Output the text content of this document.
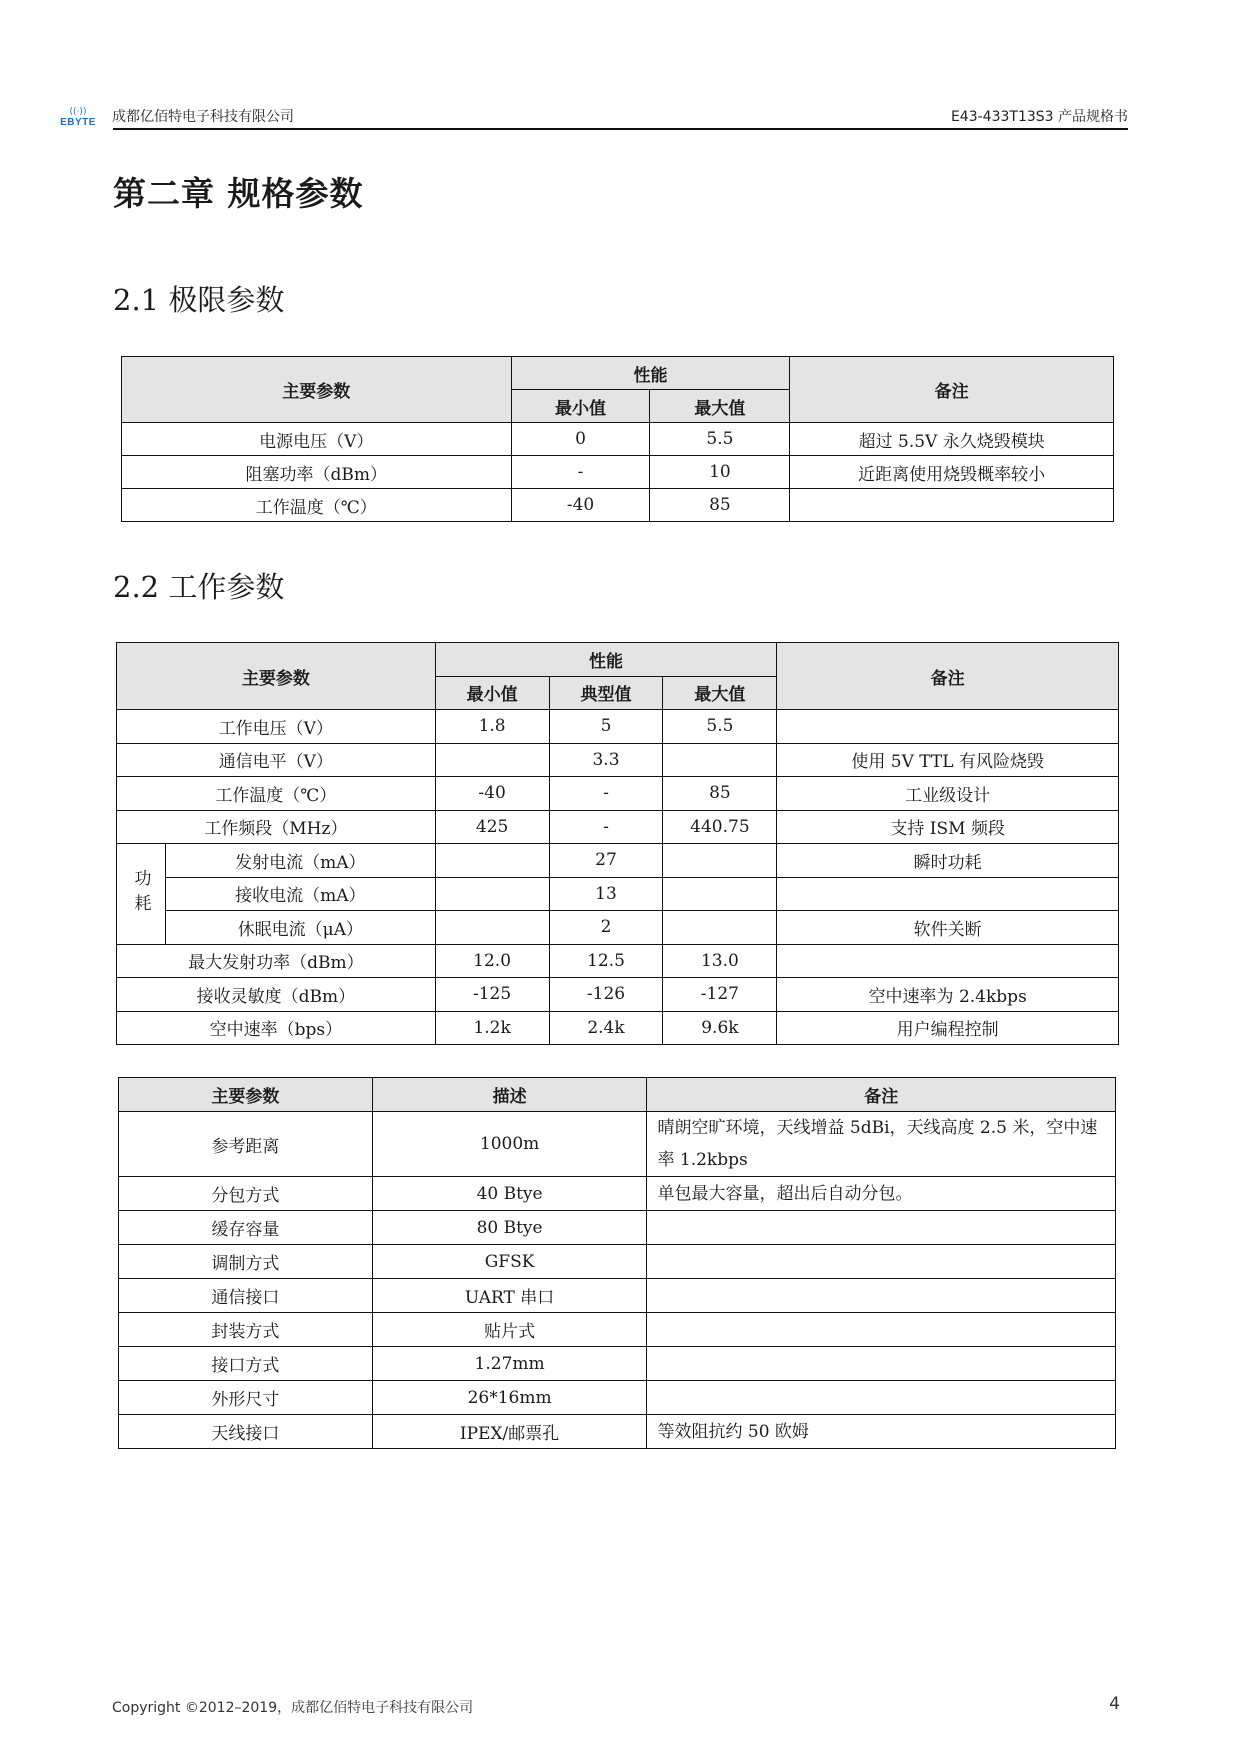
((·))
EBYTE	成都亿佰特电子科技有限公司	E43-433T13S3 产品规格书
第二章 规格参数
2.1 极限参数
主要参数	性能		备注
	最小值	最大值	
电源电压（V）	0	5.5	超过 5.5V 永久烧毁模块
阻塞功率（dBm）	-	10	近距离使用烧毁概率较小
工作温度（℃）	-40	85	
2.2 工作参数
主要参数		性能			备注
		最小值	典型值	最大值	
工作电压（V）		1.8	5	5.5	
通信电平（V）			3.3		使用 5V TTL 有风险烧毁
工作温度（℃）		-40	-	85	工业级设计
工作频段（MHz）		425	-	440.75	支持 ISM 频段
功耗	发射电流（mA）		27		瞬时功耗
	接收电流（mA）		13		
	休眠电流（μA）		2		软件关断
最大发射功率（dBm）		12.0	12.5	13.0	
接收灵敏度（dBm）		-125	-126	-127	空中速率为 2.4kbps
空中速率（bps）		1.2k	2.4k	9.6k	用户编程控制
主要参数	描述	备注
参考距离	1000m	晴朗空旷环境，天线增益 5dBi，天线高度 2.5 米，空中速率 1.2kbps
分包方式	40 Btye	单包最大容量，超出后自动分包。
缓存容量	80 Btye	
调制方式	GFSK	
通信接口	UART 串口	
封装方式	贴片式	
接口方式	1.27mm	
外形尺寸	26*16mm	
天线接口	IPEX/邮票孔	等效阻抗约 50 欧姆
Copyright ©2012–2019，成都亿佰特电子科技有限公司	4
